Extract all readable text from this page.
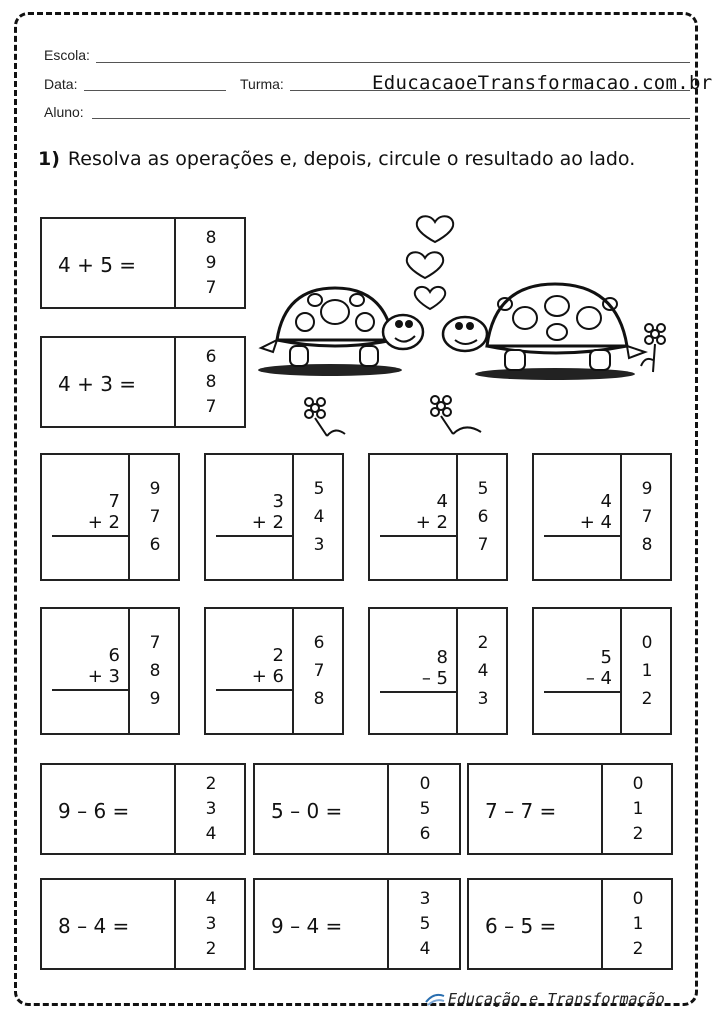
Escola:
Data:	Turma:	EducacaoeTransformacao.com.br
Aluno:
1) Resolva as operações e, depois, circule o resultado ao lado.
4 + 5 =
8
9
7
4 + 3 =
6
8
7
7
+ 2
9
7
6
3
+ 2
5
4
3
4
+ 2
5
6
7
4
+ 4
9
7
8
6
+ 3
7
8
9
2
+ 6
6
7
8
8
– 5
2
4
3
5
– 4
0
1
2
9 – 6 =
2
3
4
5 – 0 =
0
5
6
7 – 7 =
0
1
2
8 – 4 =
4
3
2
9 – 4 =
3
5
4
6 – 5 =
0
1
2
Educação e Transformação
